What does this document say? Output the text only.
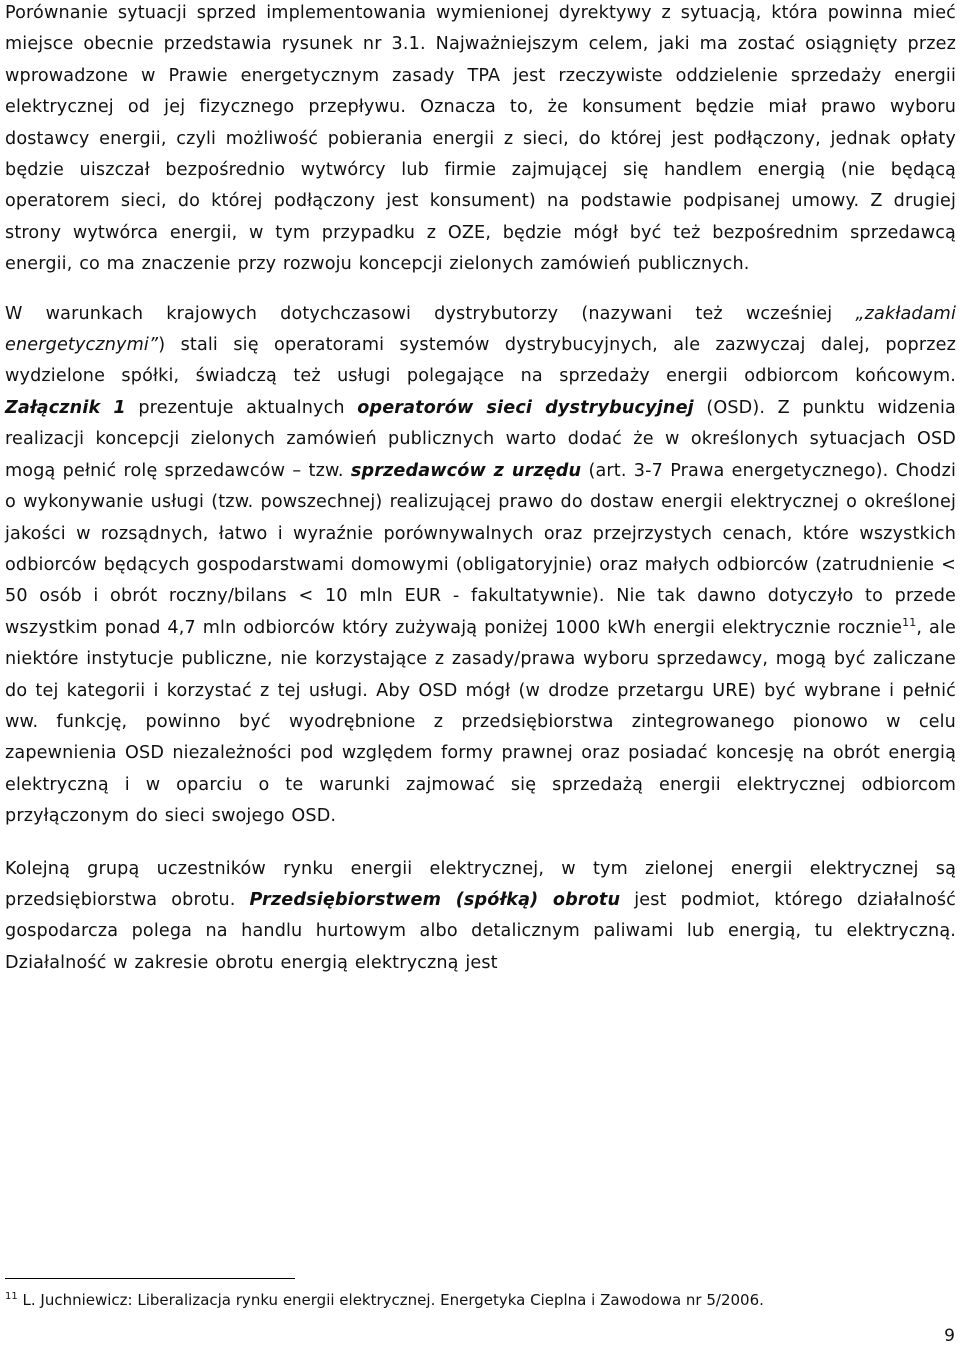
Porównanie sytuacji sprzed implementowania wymienionej dyrektywy z sytuacją, która powinna mieć miejsce obecnie przedstawia rysunek nr 3.1. Najważniejszym celem, jaki ma zostać osiągnięty przez wprowadzone w Prawie energetycznym zasady TPA jest rzeczywiste oddzielenie sprzedaży energii elektrycznej od jej fizycznego przepływu. Oznacza to, że konsument będzie miał prawo wyboru dostawcy energii, czyli możliwość pobierania energii z sieci, do której jest podłączony, jednak opłaty będzie uiszczał bezpośrednio wytwórcy lub firmie zajmującej się handlem energią (nie będącą operatorem sieci, do której podłączony jest konsument) na podstawie podpisanej umowy. Z drugiej strony wytwórca energii, w tym przypadku z OZE, będzie mógł być też bezpośrednim sprzedawcą energii, co ma znaczenie przy rozwoju koncepcji zielonych zamówień publicznych.

W warunkach krajowych dotychczasowi dystrybutorzy (nazywani też wcześniej „zakładami energetycznymi”) stali się operatorami systemów dystrybucyjnych, ale zazwyczaj dalej, poprzez wydzielone spółki, świadczą też usługi polegające na sprzedaży energii odbiorcom końcowym. Załącznik 1 prezentuje aktualnych operatorów sieci dystrybucyjnej (OSD). Z punktu widzenia realizacji koncepcji zielonych zamówień publicznych warto dodać że w określonych sytuacjach OSD mogą pełnić rolę sprzedawców – tzw. sprzedawców z urzędu (art. 3-7 Prawa energetycznego). Chodzi o wykonywanie usługi (tzw. powszechnej) realizującej prawo do dostaw energii elektrycznej o określonej jakości w rozsądnych, łatwo i wyraźnie porównywalnych oraz przejrzystych cenach, które wszystkich odbiorców będących gospodarstwami domowymi (obligatoryjnie) oraz małych odbiorców (zatrudnienie < 50 osób i obrót roczny/bilans < 10 mln EUR - fakultatywnie). Nie tak dawno dotyczyło to przede wszystkim ponad 4,7 mln odbiorców który zużywają poniżej 1000 kWh energii elektrycznie rocznie$^{11}$, ale niektóre instytucje publiczne, nie korzystające z zasady/prawa wyboru sprzedawcy, mogą być zaliczane do tej kategorii i korzystać z tej usługi. Aby OSD mógł (w drodze przetargu URE) być wybrane i pełnić ww. funkcję, powinno być wyodrębnione z przedsiębiorstwa zintegrowanego pionowo w celu zapewnienia OSD niezależności pod względem formy prawnej oraz posiadać koncesję na obrót energią elektryczną i w oparciu o te warunki zajmować się sprzedażą energii elektrycznej odbiorcom przyłączonym do sieci swojego OSD.

Kolejną grupą uczestników rynku energii elektrycznej, w tym zielonej energii elektrycznej są przedsiębiorstwa obrotu. Przedsiębiorstwem (spółką) obrotu jest podmiot, którego działalność gospodarcza polega na handlu hurtowym albo detalicznym paliwami lub energią, tu elektryczną. Działalność w zakresie obrotu energią elektryczną jest

$^{11}$ L. Juchniewicz: Liberalizacja rynku energii elektrycznej. Energetyka Cieplna i Zawodowa nr 5/2006.
9
